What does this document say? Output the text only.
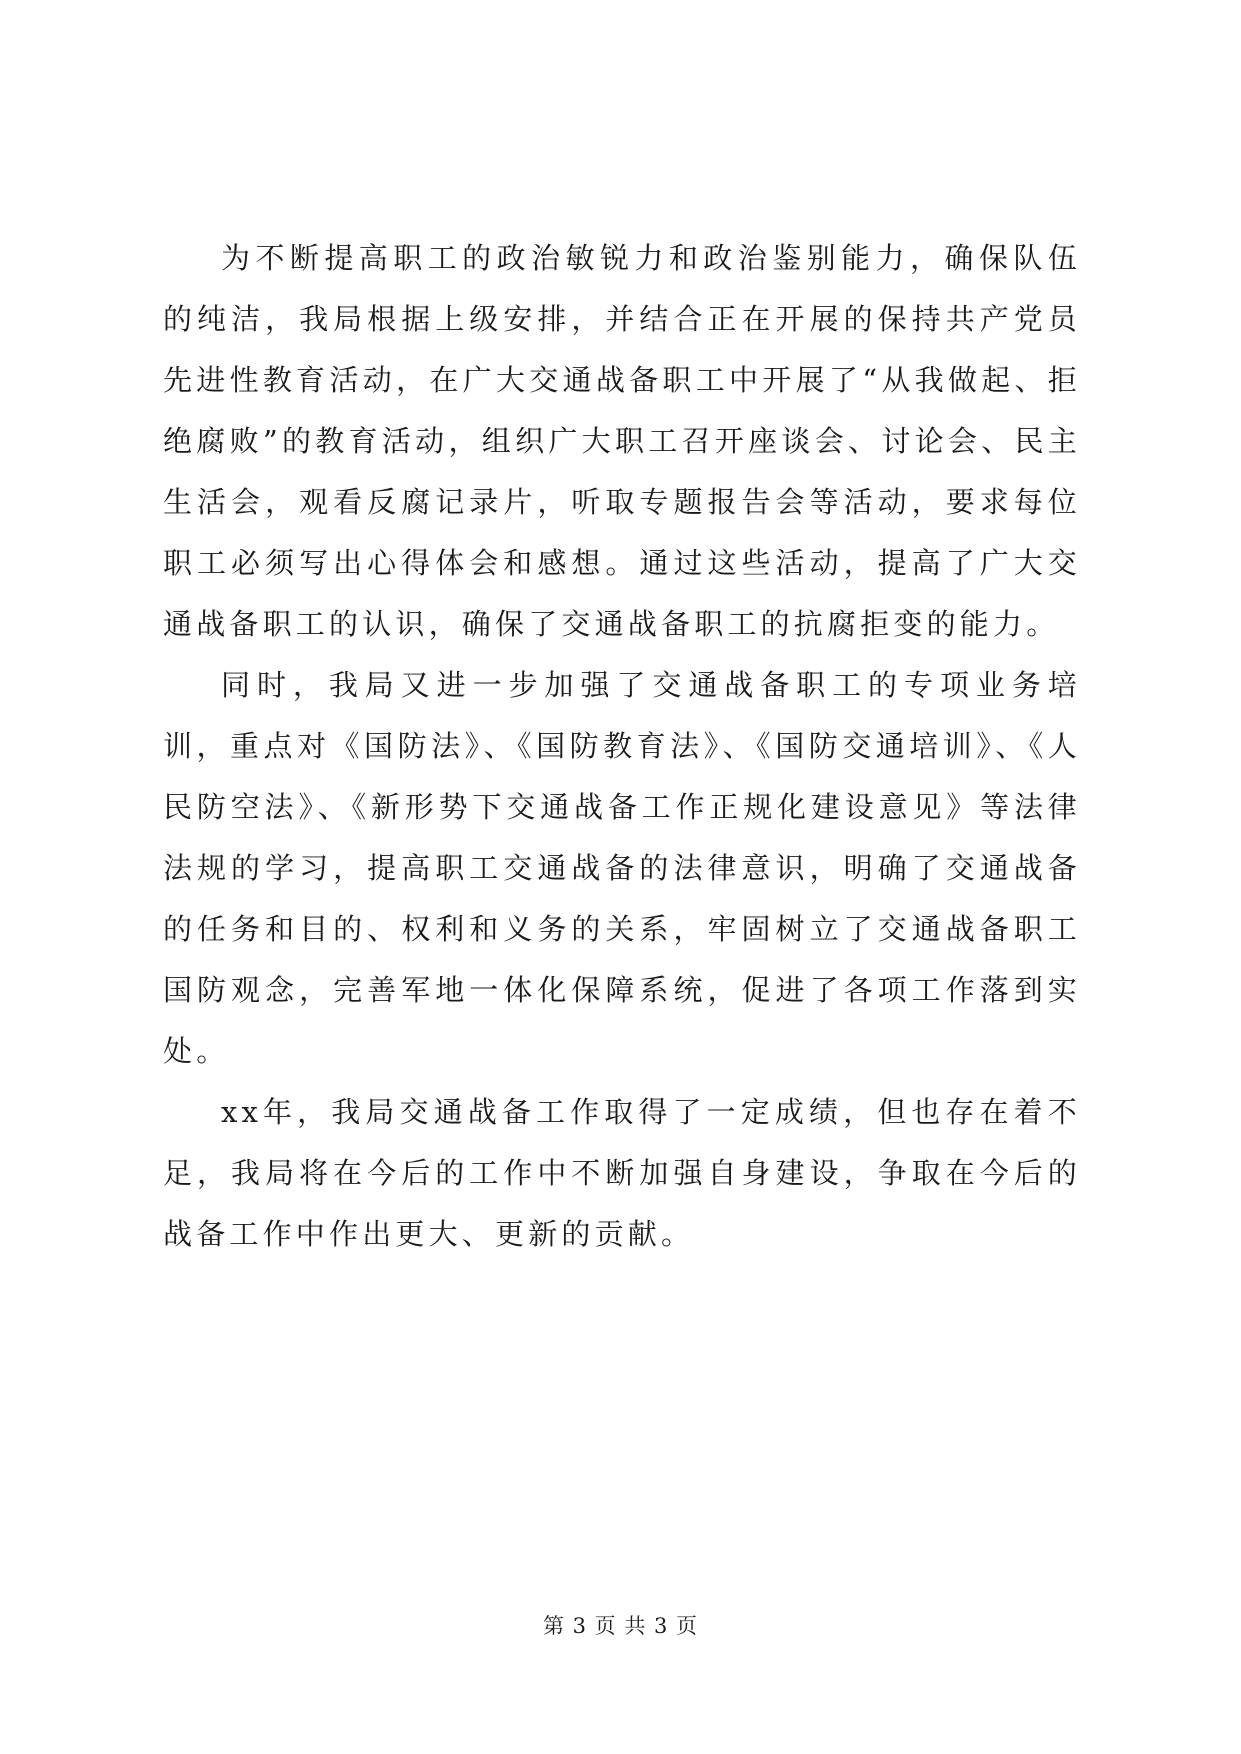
为不断提高职工的政治敏锐力和政治鉴别能力，确保队伍的纯洁，我局根据上级安排，并结合正在开展的保持共产党员先进性教育活动，在广大交通战备职工中开展了“从我做起、拒绝腐败”的教育活动，组织广大职工召开座谈会、讨论会、民主生活会，观看反腐记录片，听取专题报告会等活动，要求每位职工必须写出心得体会和感想。通过这些活动，提高了广大交通战备职工的认识，确保了交通战备职工的抗腐拒变的能力。

同时，我局又进一步加强了交通战备职工的专项业务培训，重点对《国防法》、《国防教育法》、《国防交通培训》、《人民防空法》、《新形势下交通战备工作正规化建设意见》等法律法规的学习，提高职工交通战备的法律意识，明确了交通战备的任务和目的、权利和义务的关系，牢固树立了交通战备职工国防观念，完善军地一体化保障系统，促进了各项工作落到实处。

xx年，我局交通战备工作取得了一定成绩，但也存在着不足，我局将在今后的工作中不断加强自身建设，争取在今后的战备工作中作出更大、更新的贡献。

第 3 页 共 3 页
